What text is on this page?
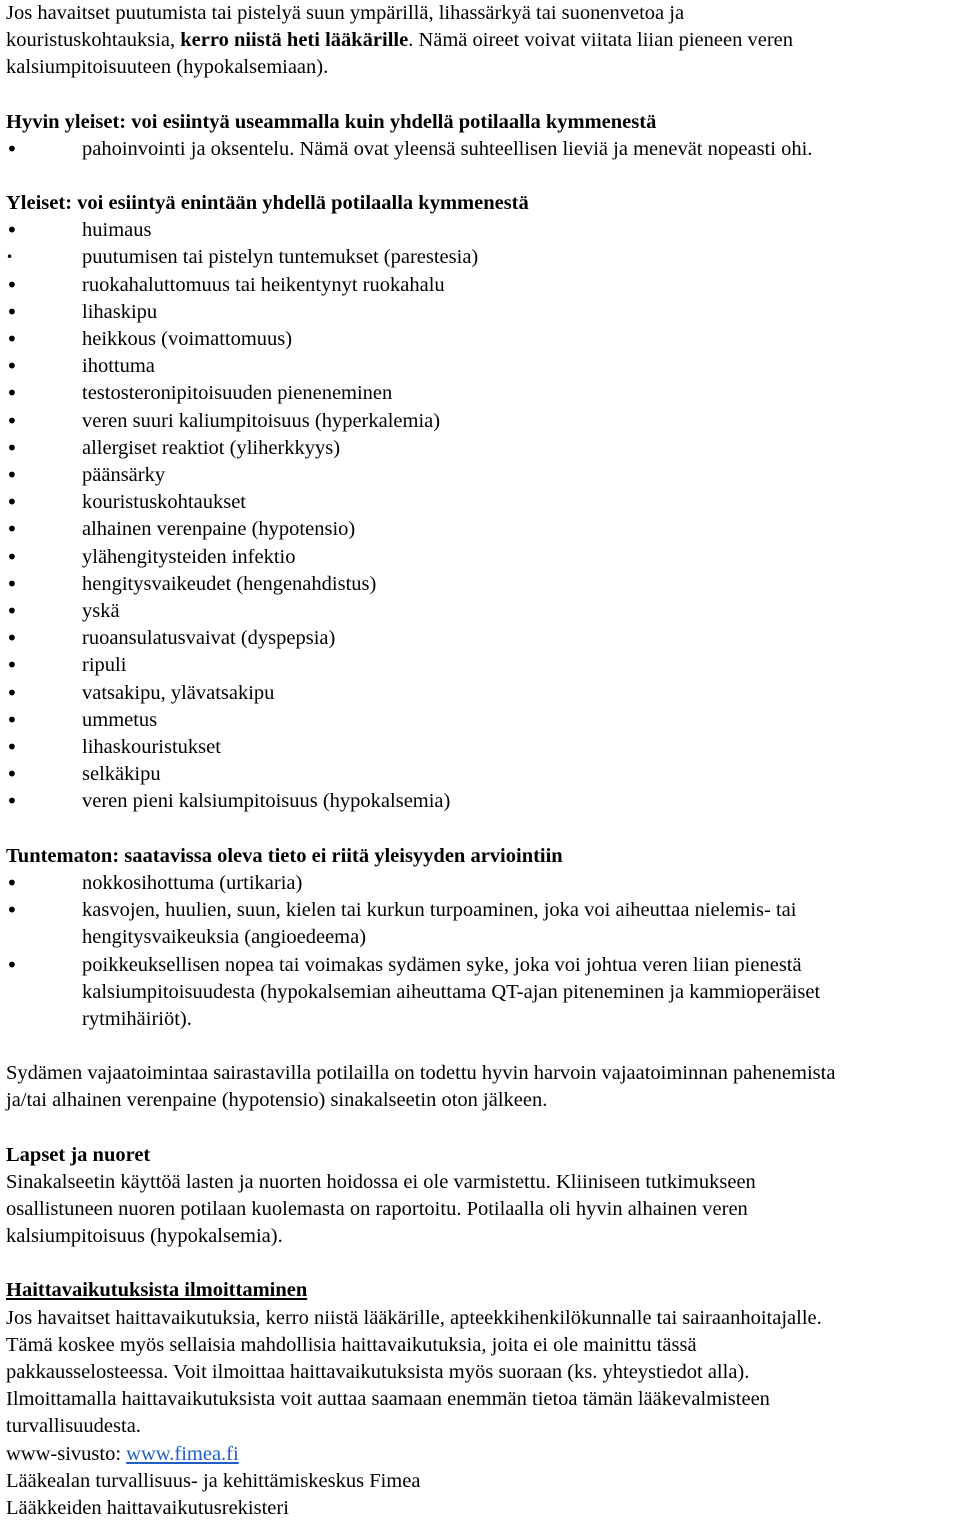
Jos havaitset puutumista tai pistelyä suun ympärillä, lihassärkyä tai suonenvetoa ja

kouristuskohtauksia, kerro niistä heti lääkärille. Nämä oireet voivat viitata liian pieneen veren

kalsiumpitoisuuteen (hypokalsemiaan).

Hyvin yleiset: voi esiintyä useammalla kuin yhdellä potilaalla kymmenestä

• pahoinvointi ja oksentelu. Nämä ovat yleensä suhteellisen lieviä ja menevät nopeasti ohi.

Yleiset: voi esiintyä enintään yhdellä potilaalla kymmenestä

• huimaus
• puutumisen tai pistelyn tuntemukset (parestesia)
• ruokahaluttomuus tai heikentynyt ruokahalu
• lihaskipu
• heikkous (voimattomuus)
• ihottuma
• testosteronipitoisuuden pieneneminen
• veren suuri kaliumpitoisuus (hyperkalemia)
• allergiset reaktiot (yliherkkyys)
• päänsärky
• kouristuskohtaukset
• alhainen verenpaine (hypotensio)
• ylähengitysteiden infektio
• hengitysvaikeudet (hengenahdistus)
• yskä
• ruoansulatusvaivat (dyspepsia)
• ripuli
• vatsakipu, ylävatsakipu
• ummetus
• lihaskouristukset
• selkäkipu
• veren pieni kalsiumpitoisuus (hypokalsemia)

Tuntematon: saatavissa oleva tieto ei riitä yleisyyden arviointiin

• nokkosihottuma (urtikaria)
• kasvojen, huulien, suun, kielen tai kurkun turpoaminen, joka voi aiheuttaa nielemis- tai
hengitysvaikeuksia (angioedeema)
• poikkeuksellisen nopea tai voimakas sydämen syke, joka voi johtua veren liian pienestä
kalsiumpitoisuudesta (hypokalsemian aiheuttama QT-ajan piteneminen ja kammioperäiset
rytmihäiriöt).

Sydämen vajaatoimintaa sairastavilla potilailla on todettu hyvin harvoin vajaatoiminnan pahenemista

ja/tai alhainen verenpaine (hypotensio) sinakalseetin oton jälkeen.

Lapset ja nuoret

Sinakalseetin käyttöä lasten ja nuorten hoidossa ei ole varmistettu. Kliiniseen tutkimukseen

osallistuneen nuoren potilaan kuolemasta on raportoitu. Potilaalla oli hyvin alhainen veren

kalsiumpitoisuus (hypokalsemia).

Haittavaikutuksista ilmoittaminen

Jos havaitset haittavaikutuksia, kerro niistä lääkärille, apteekkihenkilökunnalle tai sairaanhoitajalle.

Tämä koskee myös sellaisia mahdollisia haittavaikutuksia, joita ei ole mainittu tässä

pakkausselosteessa. Voit ilmoittaa haittavaikutuksista myös suoraan (ks. yhteystiedot alla).

Ilmoittamalla haittavaikutuksista voit auttaa saamaan enemmän tietoa tämän lääkevalmisteen

turvallisuudesta.

www-sivusto: www.fimea.fi

Lääkealan turvallisuus- ja kehittämiskeskus Fimea

Lääkkeiden haittavaikutusrekisteri
